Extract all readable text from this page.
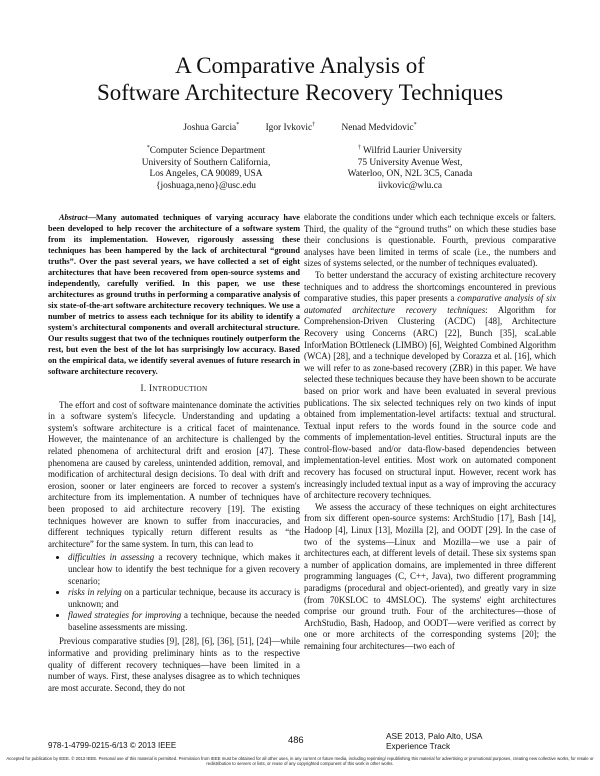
A Comparative Analysis of
Software Architecture Recovery Techniques
Joshua Garcia*	Igor Ivkovic†	Nenad Medvidovic*
*Computer Science Department
University of Southern California,
Los Angeles, CA 90089, USA
{joshuaga,neno}@usc.edu
† Wilfrid Laurier University
75 University Avenue West,
Waterloo, ON, N2L 3C5, Canada
iivkovic@wlu.ca

Abstract—Many automated techniques of varying accuracy have been developed to help recover the architecture of a software system from its implementation. However, rigorously assessing these techniques has been hampered by the lack of architectural “ground truths”. Over the past several years, we have collected a set of eight architectures that have been recovered from open-source systems and independently, carefully verified. In this paper, we use these architectures as ground truths in performing a comparative analysis of six state-of-the-art software architecture recovery techniques. We use a number of metrics to assess each technique for its ability to identify a system's architectural components and overall architectural structure. Our results suggest that two of the techniques routinely outperform the rest, but even the best of the lot has surprisingly low accuracy. Based on the empirical data, we identify several avenues of future research in software architecture recovery.

I. INTRODUCTION

The effort and cost of software maintenance dominate the activities in a software system's lifecycle. Understanding and updating a system's software architecture is a critical facet of maintenance. However, the maintenance of an architecture is challenged by the related phenomena of architectural drift and erosion [47]. These phenomena are caused by careless, unintended addition, removal, and modification of architectural design decisions. To deal with drift and erosion, sooner or later engineers are forced to recover a system's architecture from its implementation. A number of techniques have been proposed to aid architecture recovery [19]. The existing techniques however are known to suffer from inaccuracies, and different techniques typically return different results as “the architecture” for the same system. In turn, this can lead to

• difficulties in assessing a recovery technique, which makes it unclear how to identify the best technique for a given recovery scenario;
• risks in relying on a particular technique, because its accuracy is unknown; and
• flawed strategies for improving a technique, because the needed baseline assessments are missing.

Previous comparative studies [9], [28], [6], [36], [51], [24]—while informative and providing preliminary hints as to the respective quality of different recovery techniques—have been limited in a number of ways. First, these analyses disagree as to which techniques are most accurate. Second, they do not

elaborate the conditions under which each technique excels or falters. Third, the quality of the “ground truths” on which these studies base their conclusions is questionable. Fourth, previous comparative analyses have been limited in terms of scale (i.e., the numbers and sizes of systems selected, or the number of techniques evaluated).

To better understand the accuracy of existing architecture recovery techniques and to address the shortcomings encountered in previous comparative studies, this paper presents a comparative analysis of six automated architecture recovery techniques: Algorithm for Comprehension-Driven Clustering (ACDC) [48], Architecture Recovery using Concerns (ARC) [22], Bunch [35], scaLable InforMation BOttleneck (LIMBO) [6], Weighted Combined Algorithm (WCA) [28], and a technique developed by Corazza et al. [16], which we will refer to as zone-based recovery (ZBR) in this paper. We have selected these techniques because they have been shown to be accurate based on prior work and have been evaluated in several previous publications. The six selected techniques rely on two kinds of input obtained from implementation-level artifacts: textual and structural. Textual input refers to the words found in the source code and comments of implementation-level entities. Structural inputs are the control-flow-based and/or data-flow-based dependencies between implementation-level entities. Most work on automated component recovery has focused on structural input. However, recent work has increasingly included textual input as a way of improving the accuracy of architecture recovery techniques.

We assess the accuracy of these techniques on eight architectures from six different open-source systems: ArchStudio [17], Bash [14], Hadoop [4], Linux [13], Mozilla [2], and OODT [29]. In the case of two of the systems—Linux and Mozilla—we use a pair of architectures each, at different levels of detail. These six systems span a number of application domains, are implemented in three different programming languages (C, C++, Java), two different programming paradigms (procedural and object-oriented), and greatly vary in size (from 70KSLOC to 4MSLOC). The systems' eight architectures comprise our ground truth. Four of the architectures—those of ArchStudio, Bash, Hadoop, and OODT—were verified as correct by one or more architects of the corresponding systems [20]; the remaining four architectures—two each of

978-1-4799-0215-6/13 © 2013 IEEE
486	ASE 2013, Palo Alto, USA
Experience Track
Accepted for publication by IEEE. © 2013 IEEE. Personal use of this material is permitted. Permission from IEEE must be obtained for all other uses, in any current or future media, including reprinting/ republishing this material for advertising or promotional purposes, creating new collective works, for resale or redistribution to servers or lists, or reuse of any copyrighted component of this work in other works.
